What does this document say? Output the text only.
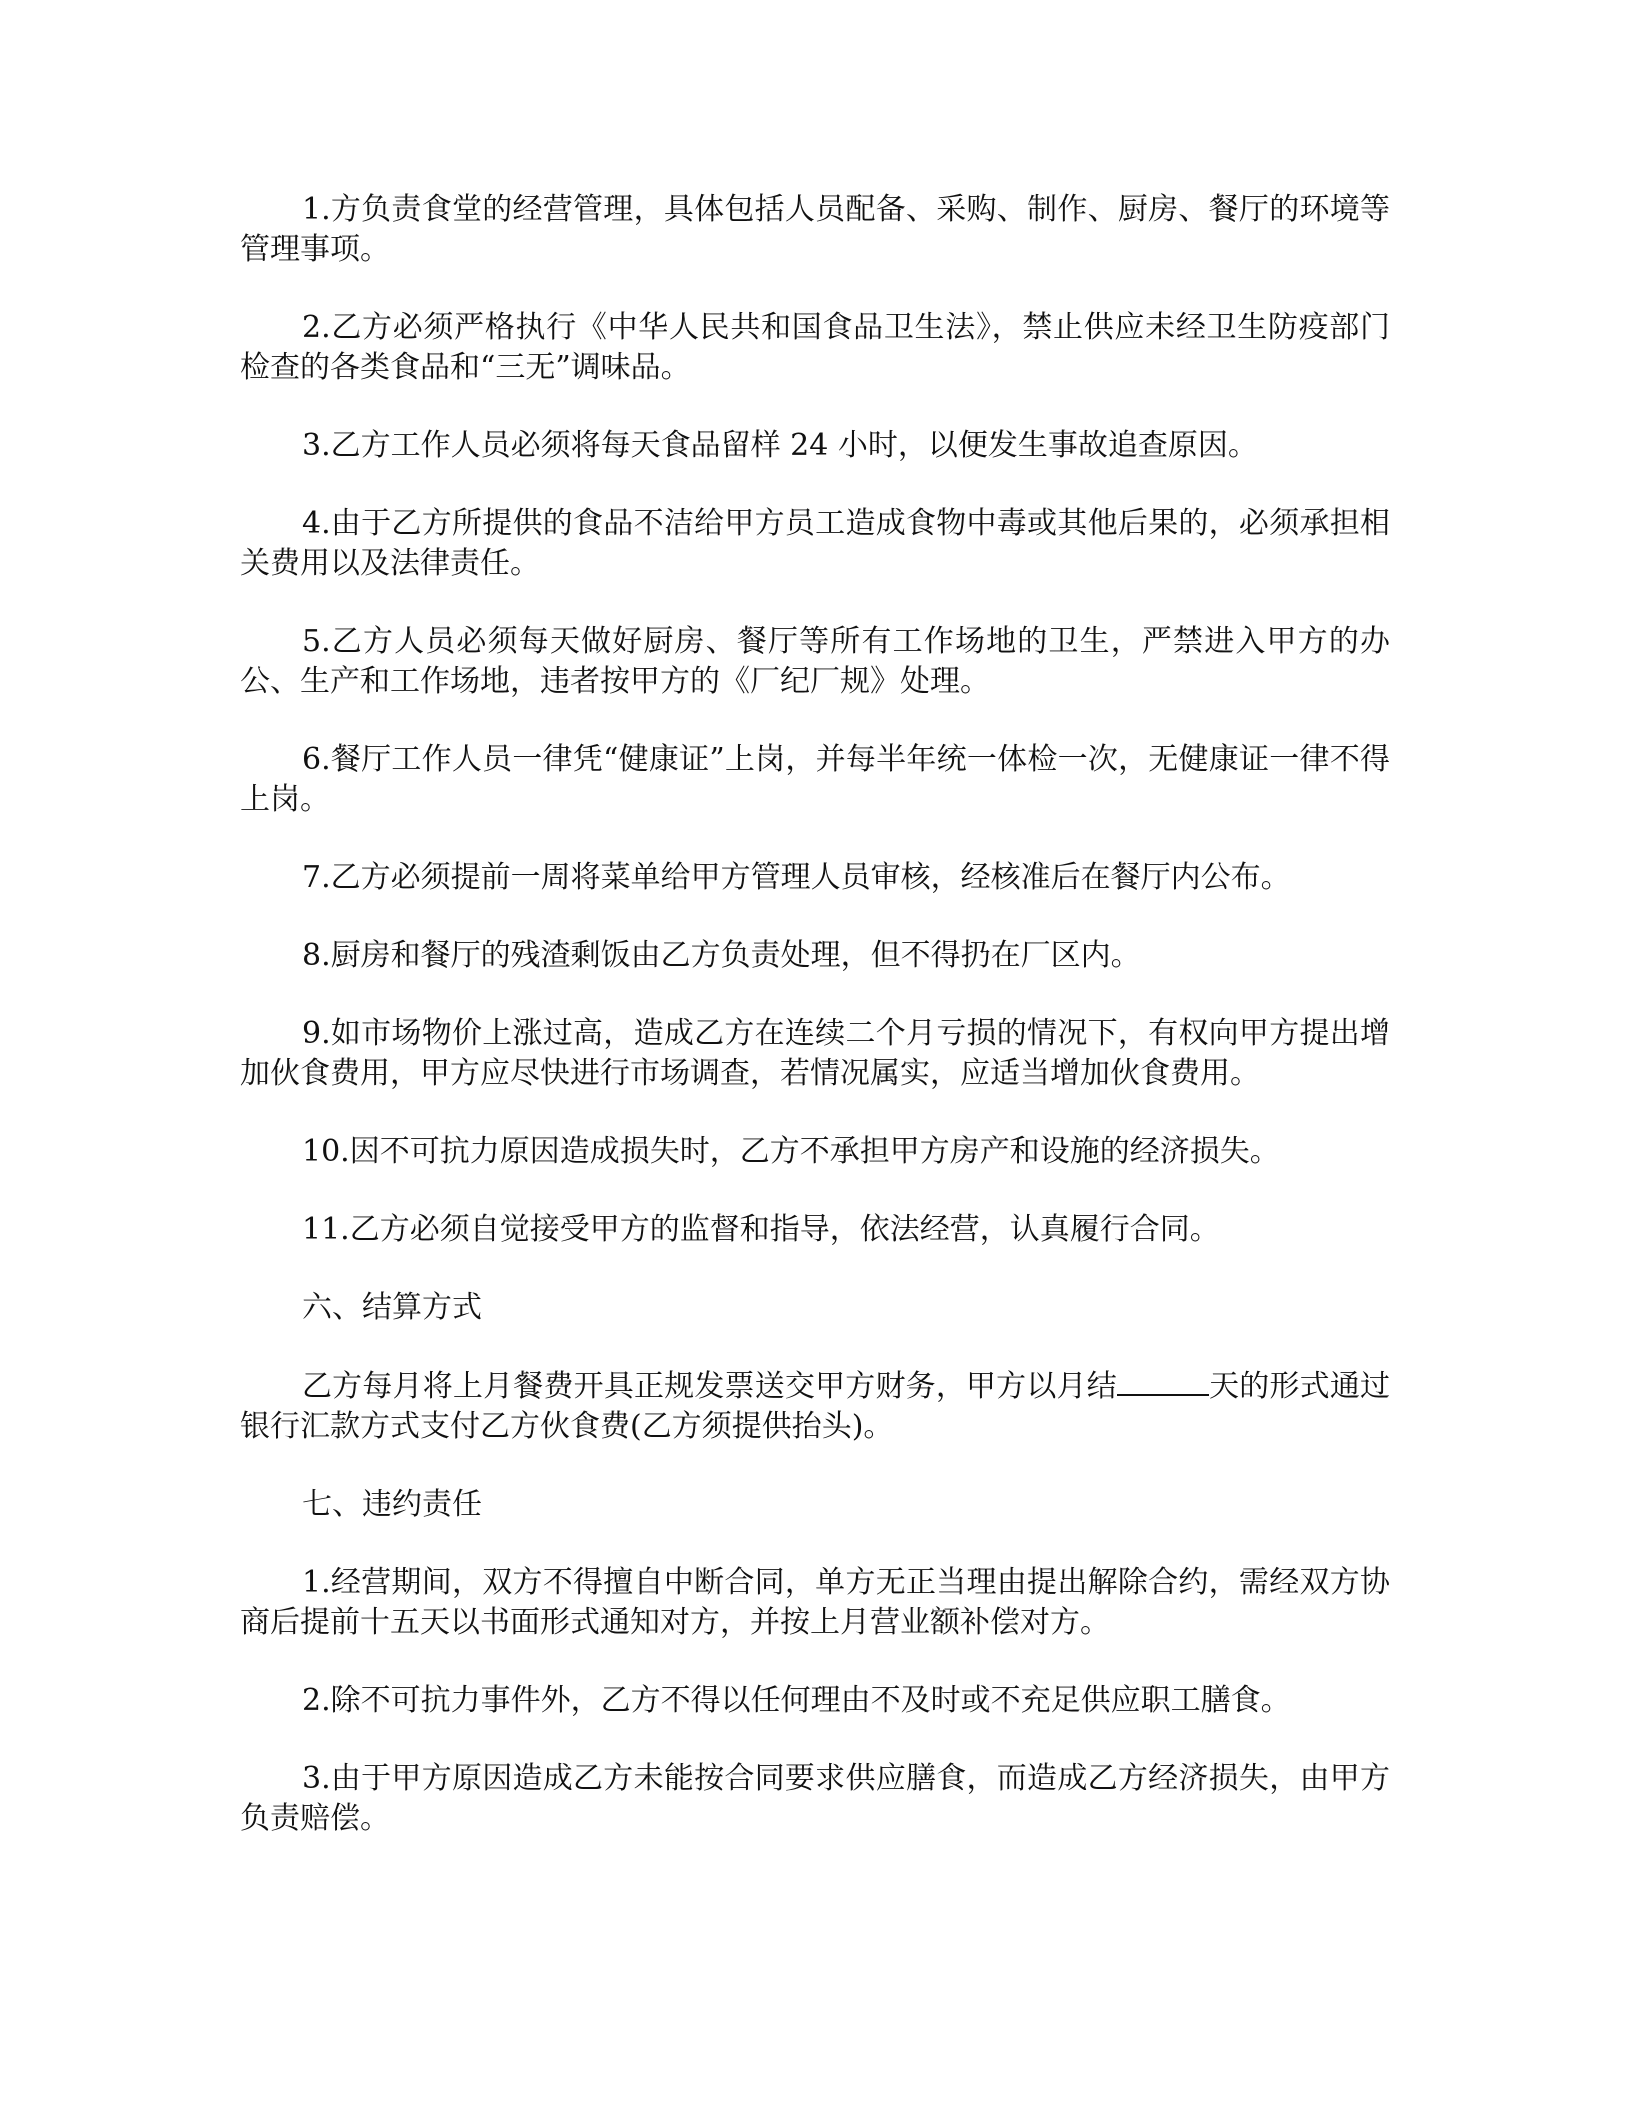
1.方负责食堂的经营管理，具体包括人员配备、采购、制作、厨房、餐厅的环境等管理事项。

2.乙方必须严格执行《中华人民共和国食品卫生法》，禁止供应未经卫生防疫部门检查的各类食品和“三无”调味品。

3.乙方工作人员必须将每天食品留样 24 小时，以便发生事故追查原因。

4.由于乙方所提供的食品不洁给甲方员工造成食物中毒或其他后果的，必须承担相关费用以及法律责任。

5.乙方人员必须每天做好厨房、餐厅等所有工作场地的卫生，严禁进入甲方的办公、生产和工作场地，违者按甲方的《厂纪厂规》处理。

6.餐厅工作人员一律凭“健康证”上岗，并每半年统一体检一次，无健康证一律不得上岗。

7.乙方必须提前一周将菜单给甲方管理人员审核，经核准后在餐厅内公布。

8.厨房和餐厅的残渣剩饭由乙方负责处理，但不得扔在厂区内。

9.如市场物价上涨过高，造成乙方在连续二个月亏损的情况下，有权向甲方提出增加伙食费用，甲方应尽快进行市场调查，若情况属实，应适当增加伙食费用。

10.因不可抗力原因造成损失时，乙方不承担甲方房产和设施的经济损失。

11.乙方必须自觉接受甲方的监督和指导，依法经营，认真履行合同。

六、结算方式

乙方每月将上月餐费开具正规发票送交甲方财务，甲方以月结	天的形式通过银行汇款方式支付乙方伙食费(乙方须提供抬头)。

七、违约责任

1.经营期间，双方不得擅自中断合同，单方无正当理由提出解除合约，需经双方协商后提前十五天以书面形式通知对方，并按上月营业额补偿对方。

2.除不可抗力事件外，乙方不得以任何理由不及时或不充足供应职工膳食。

3.由于甲方原因造成乙方未能按合同要求供应膳食，而造成乙方经济损失，由甲方负责赔偿。
